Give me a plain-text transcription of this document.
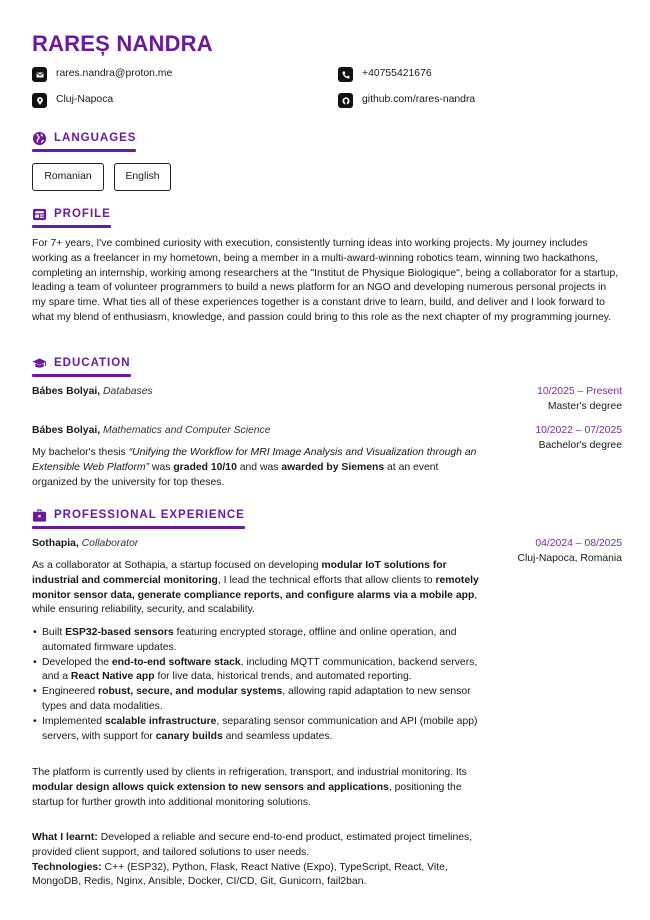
RAREȘ NANDRA
rares.nandra@proton.me	+40755421676
Cluj-Napoca	github.com/rares-nandra
LANGUAGES
Romanian	English
PROFILE
For 7+ years, I've combined curiosity with execution, consistently turning ideas into working projects. My journey includes working as a freelancer in my hometown, being a member in a multi-award-winning robotics team, winning two hackathons, completing an internship, working among researchers at the "Institut de Physique Biologique", being a collaborator for a startup, leading a team of volunteer programmers to build a news platform for an NGO and developing numerous personal projects in my spare time. What ties all of these experiences together is a constant drive to learn, build, and deliver and I look forward to what my blend of enthusiasm, knowledge, and passion could bring to this role as the next chapter of my programming journey.
EDUCATION
Bábes Bolyai, Databases	10/2025 – Present
Master's degree
Bábes Bolyai, Mathematics and Computer Science	10/2022 – 07/2025
Bachelor's degree
My bachelor's thesis “Unifying the Workflow for MRI Image Analysis and Visualization through an Extensible Web Platform” was graded 10/10 and was awarded by Siemens at an event organized by the university for top theses.
PROFESSIONAL EXPERIENCE
Sothapia, Collaborator	04/2024 – 08/2025
Cluj-Napoca, Romania
As a collaborator at Sothapia, a startup focused on developing modular IoT solutions for industrial and commercial monitoring, I lead the technical efforts that allow clients to remotely monitor sensor data, generate compliance reports, and configure alarms via a mobile app, while ensuring reliability, security, and scalability.
• Built ESP32-based sensors featuring encrypted storage, offline and online operation, and automated firmware updates.
• Developed the end-to-end software stack, including MQTT communication, backend servers, and a React Native app for live data, historical trends, and automated reporting.
• Engineered robust, secure, and modular systems, allowing rapid adaptation to new sensor types and data modalities.
• Implemented scalable infrastructure, separating sensor communication and API (mobile app) servers, with support for canary builds and seamless updates.
The platform is currently used by clients in refrigeration, transport, and industrial monitoring. Its modular design allows quick extension to new sensors and applications, positioning the startup for further growth into additional monitoring solutions.
What I learnt: Developed a reliable and secure end-to-end product, estimated project timelines, provided client support, and tailored solutions to user needs.
Technologies: C++ (ESP32), Python, Flask, React Native (Expo), TypeScript, React, Vite, MongoDB, Redis, Nginx, Ansible, Docker, CI/CD, Git, Gunicorn, fail2ban.
